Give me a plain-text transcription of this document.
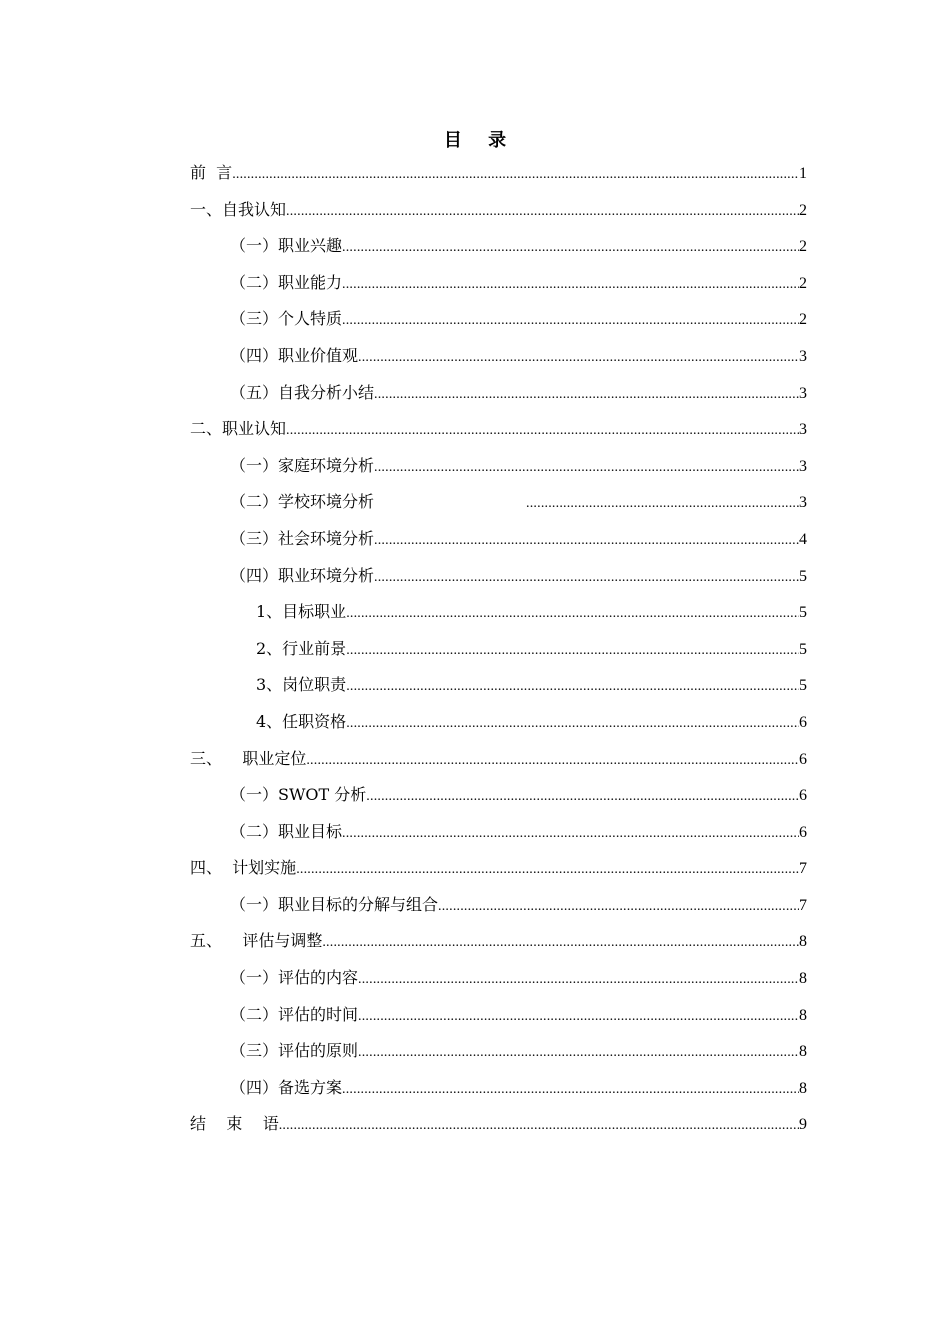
目 录
前  言 .....	1
一、自我认知 .....	2
（一）职业兴趣 .....	2
（二）职业能力 .....	2
（三）个人特质 .....	2
（四）职业价值观 .....	3
（五）自我分析小结 .....	3
二、职业认知 .....	3
（一）家庭环境分析 .....	3
（二）学校环境分析 .....	3
（三）社会环境分析 .....	4
（四）职业环境分析 .....	5
1、目标职业 .....	5
2、行业前景 .....	5
3、岗位职责 .....	5
4、任职资格 .....	6
三、    职业定位 .....	6
（一）SWOT 分析 .....	6
（二）职业目标 .....	6
四、  计划实施 .....	7
（一）职业目标的分解与组合 .....	7
五、    评估与调整 .....	8
（一）评估的内容 .....	8
（二）评估的时间 .....	8
（三）评估的原则 .....	8
（四）备选方案 .....	8
结    束    语 .....	9
